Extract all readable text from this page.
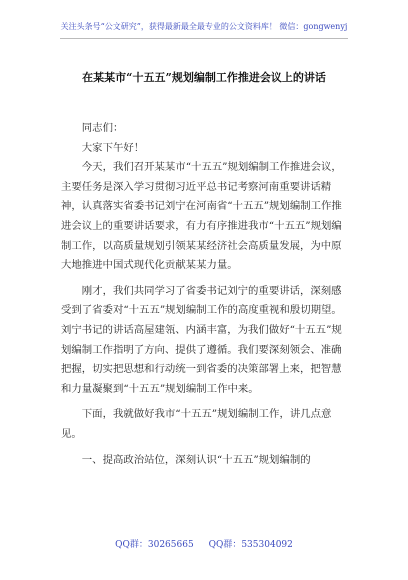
关注头条号“公文研究”，获得最新最全最专业的公文资料库！ 微信：gongwenyj
在某某市“十五五”规划编制工作推进会议上的讲话

同志们：

大家下午好！

今天，我们召开某某市“十五五”规划编制工作推进会议，主要任务是深入学习贯彻习近平总书记考察河南重要讲话精神，认真落实省委书记刘宁在河南省“十五五”规划编制工作推进会议上的重要讲话要求，有力有序推进我市“十五五”规划编制工作，以高质量规划引领某某经济社会高质量发展，为中原大地推进中国式现代化贡献某某力量。

刚才，我们共同学习了省委书记刘宁的重要讲话，深刻感受到了省委对“十五五”规划编制工作的高度重视和殷切期望。刘宁书记的讲话高屋建瓴、内涵丰富，为我们做好“十五五”规划编制工作指明了方向、提供了遵循。我们要深刻领会、准确把握，切实把思想和行动统一到省委的决策部署上来，把智慧和力量凝聚到“十五五”规划编制工作中来。

下面，我就做好我市“十五五”规划编制工作，讲几点意见。

一、提高政治站位，深刻认识“十五五”规划编制的

QQ群：30265665 QQ群：535304092
